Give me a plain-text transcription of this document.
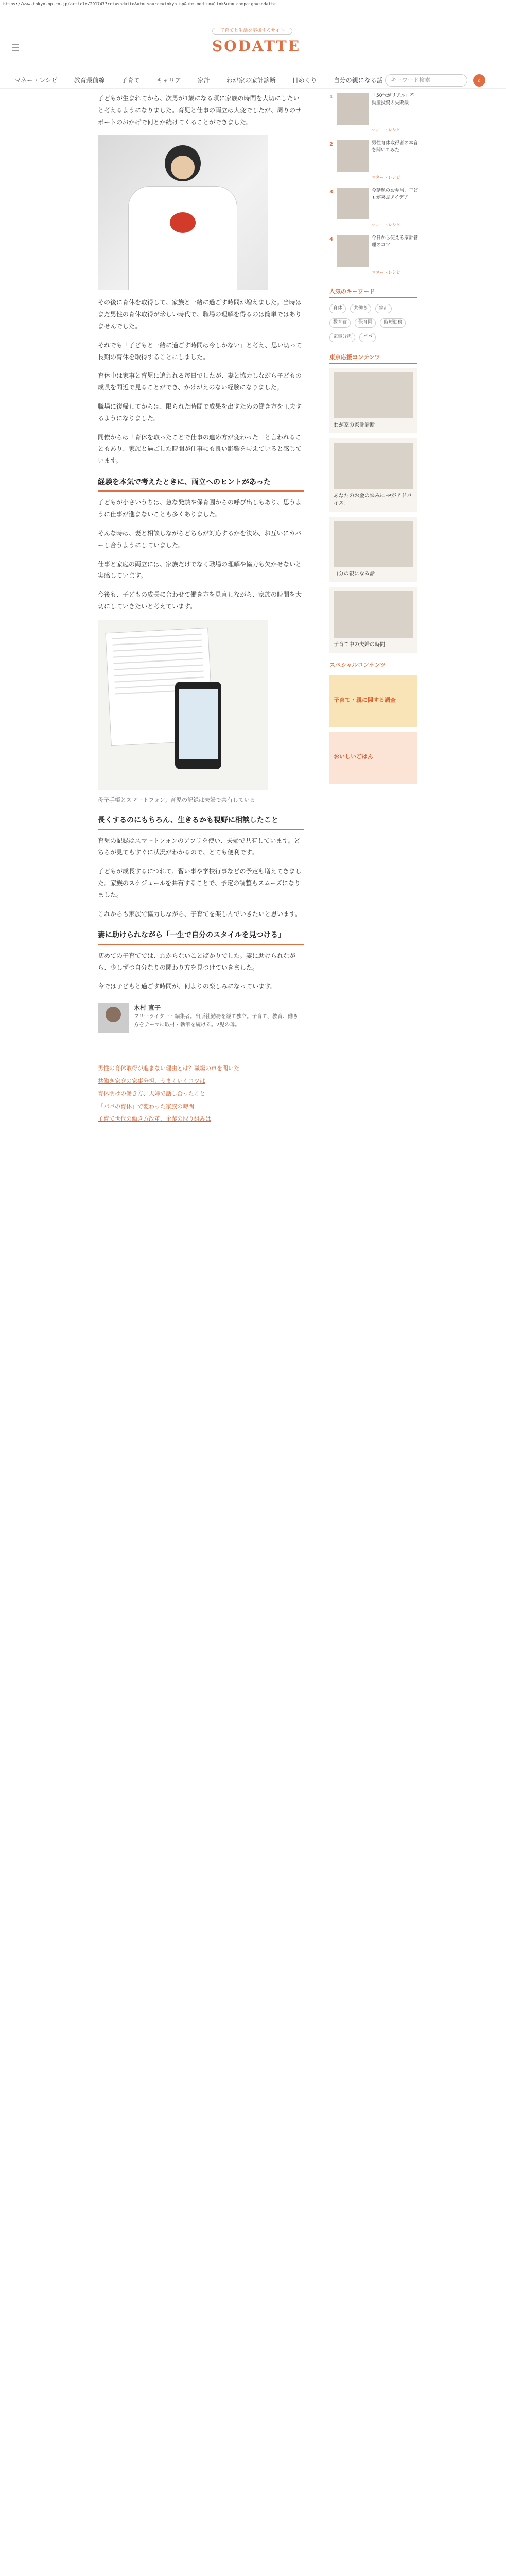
https://www.tokyo-np.co.jp/article/291747?rct=sodatte&utm_source=tokyo_np&utm_medium=link&utm_campaign=sodatte
☰
子育てと生活を応援するサイト
SODATTE
マネー・レシピ	教育最前線	子育て	キャリア	家計	わが家の家計診断	日めくり	自分の親になる話	キーワード検索	⌕

子どもが生まれてから、次男が1歳になる頃に家族の時間を大切にしたいと考えるようになりました。育児と仕事の両立は大変でしたが、周りのサポートのおかげで何とか続けてくることができました。

その後に育休を取得して、家族と一緒に過ごす時間が増えました。当時はまだ男性の育休取得が珍しい時代で、職場の理解を得るのは簡単ではありませんでした。

それでも「子どもと一緒に過ごす時間は今しかない」と考え、思い切って長期の育休を取得することにしました。

育休中は家事と育児に追われる毎日でしたが、妻と協力しながら子どもの成長を間近で見ることができ、かけがえのない経験になりました。

職場に復帰してからは、限られた時間で成果を出すための働き方を工夫するようになりました。

同僚からは「育休を取ったことで仕事の進め方が変わった」と言われることもあり、家族と過ごした時間が仕事にも良い影響を与えていると感じています。

経験を本気で考えたときに、両立へのヒントがあった

子どもが小さいうちは、急な発熱や保育園からの呼び出しもあり、思うように仕事が進まないことも多くありました。

そんな時は、妻と相談しながらどちらが対応するかを決め、お互いにカバーし合うようにしていました。

仕事と家庭の両立には、家族だけでなく職場の理解や協力も欠かせないと実感しています。

今後も、子どもの成長に合わせて働き方を見直しながら、家族の時間を大切にしていきたいと考えています。

母子手帳とスマートフォン。育児の記録は夫婦で共有している
長くするのにもちろん、生きるかも視野に相談したこと

育児の記録はスマートフォンのアプリを使い、夫婦で共有しています。どちらが見てもすぐに状況がわかるので、とても便利です。

子どもが成長するにつれて、習い事や学校行事などの予定も増えてきました。家族のスケジュールを共有することで、予定の調整もスムーズになりました。

これからも家族で協力しながら、子育てを楽しんでいきたいと思います。

妻に助けられながら「一生で自分のスタイルを見つける」

初めての子育てでは、わからないことばかりでした。妻に助けられながら、少しずつ自分なりの関わり方を見つけていきました。

今では子どもと過ごす時間が、何よりの楽しみになっています。

木村 直子
フリーライター・編集者。出版社勤務を経て独立。子育て、教育、働き方をテーマに取材・執筆を続ける。2児の母。
男性の育休取得が進まない理由とは？職場の声を聞いた
共働き家庭の家事分担、うまくいくコツは
育休明けの働き方、夫婦で話し合ったこと
「パパの育休」で変わった家族の時間
子育て世代の働き方改革、企業の取り組みは
1	「50代がリアル」不動産投資の失敗談
マネー・レシピ
2	男性育休取得者の本音を聞いてみた
マネー・レシピ
3	今話題のお弁当、子どもが喜ぶアイデア
マネー・レシピ
4	今日から使える家計管理のコツ
マネー・レシピ
人気のキーワード
育休 共働き 家計 教育費 保育園 時短勤務 家事分担 パパ
東京応援コンテンツ
わが家の家計診断
あなたのお金の悩みにFPがアドバイス！
自分の親になる話
子育て中の夫婦の時間
スペシャルコンテンツ
子育て・親に関する調査
おいしいごはん
